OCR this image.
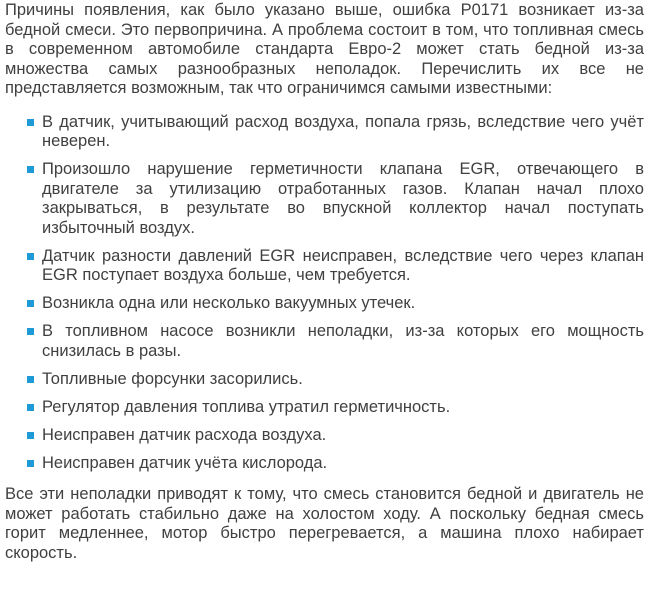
Причины появления, как было указано выше, ошибка P0171 возникает из-за бедной смеси. Это первопричина. А проблема состоит в том, что топливная смесь в современном автомобиле стандарта Евро-2 может стать бедной из-за множества самых разнообразных неполадок. Перечислить их все не представляется возможным, так что ограничимся самыми известными:

В датчик, учитывающий расход воздуха, попала грязь, вследствие чего учёт неверен.
Произошло нарушение герметичности клапана EGR, отвечающего в двигателе за утилизацию отработанных газов. Клапан начал плохо закрываться, в результате во впускной коллектор начал поступать избыточный воздух.
Датчик разности давлений EGR неисправен, вследствие чего через клапан EGR поступает воздуха больше, чем требуется.
Возникла одна или несколько вакуумных утечек.
В топливном насосе возникли неполадки, из-за которых его мощность снизилась в разы.
Топливные форсунки засорились.
Регулятор давления топлива утратил герметичность.
Неисправен датчик расхода воздуха.
Неисправен датчик учёта кислорода.

Все эти неполадки приводят к тому, что смесь становится бедной и двигатель не может работать стабильно даже на холостом ходу. А поскольку бедная смесь горит медленнее, мотор быстро перегревается, а машина плохо набирает скорость.
